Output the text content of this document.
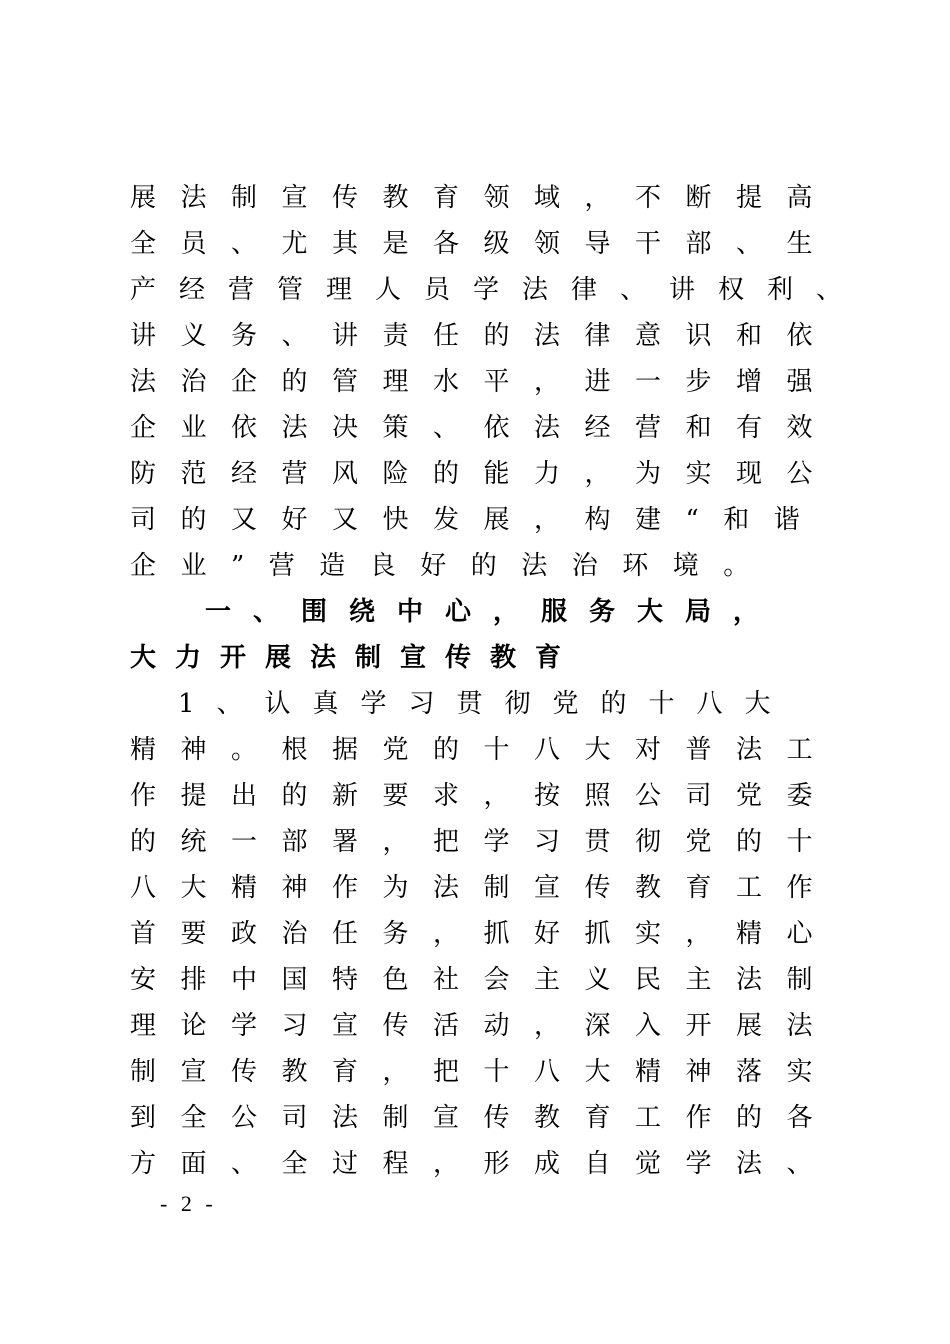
展法制宣传教育领域，不断提高
全员、尤其是各级领导干部、生
产经营管理人员学法律、讲权利、
讲义务、讲责任的法律意识和依
法治企的管理水平，进一步增强
企业依法决策、依法经营和有效
防范经营风险的能力，为实现公
司的又好又快发展，构建“和谐
企业”营造良好的法治环境。
一、围绕中心，服务大局，
大力开展法制宣传教育
1、认真学习贯彻党的十八大
精神。根据党的十八大对普法工
作提出的新要求，按照公司党委
的统一部署，把学习贯彻党的十
八大精神作为法制宣传教育工作
首要政治任务，抓好抓实，精心
安排中国特色社会主义民主法制
理论学习宣传活动，深入开展法
制宣传教育，把十八大精神落实
到全公司法制宣传教育工作的各
方面、全过程，形成自觉学法、
- 2 -
